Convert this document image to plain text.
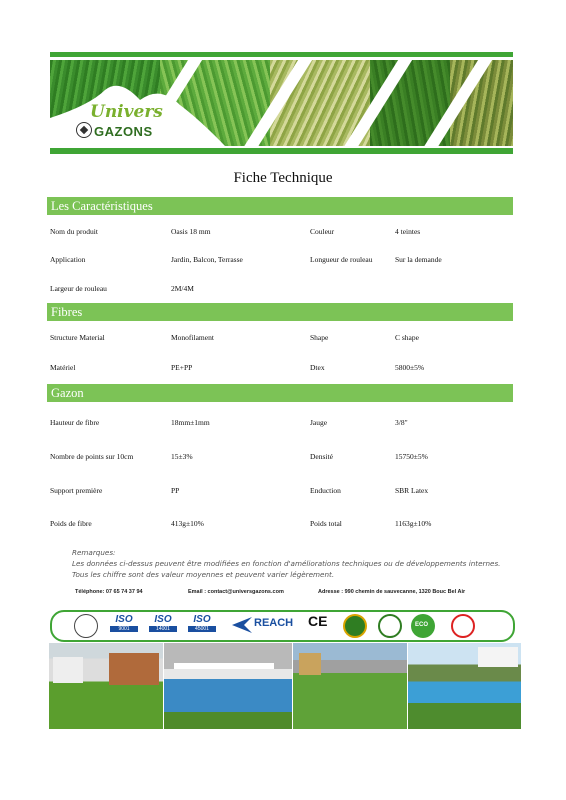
Univers
GAZONS
Fiche Technique
Les Caractéristiques
Fibres
Gazon
Nom du produit	Oasis 18 mm	Couleur	4 teintes
Application	Jardin, Balcon, Terrasse	Longueur de rouleau	Sur la demande
Largeur de rouleau	2M/4M
Structure Material	Monofilament	Shape	C shape
Matériel	PE+PP	Dtex	5800±5%
Hauteur de fibre	18mm±1mm	Jauge	3/8"
Nombre de points sur 10cm	15±3%	Densité	15750±5%
Support première	PP	Enduction	SBR Latex
Poids de fibre	413g±10%	Poids total	1163g±10%
Remarques:
Les données ci-dessus peuvent être modifiées en fonction d'améliorations techniques ou de développements internes.
Tous les chiffre sont des valeur moyennes et peuvent varier légèrement.
Téléphone: 07 65 74 37 94	Email : contact@universgazons.com	Adresse : 990 chemin de sauvecanne, 1320 Bouc Bel Air
ISO
9001
ISO
14001
ISO
45001	REACH CE	ECO
